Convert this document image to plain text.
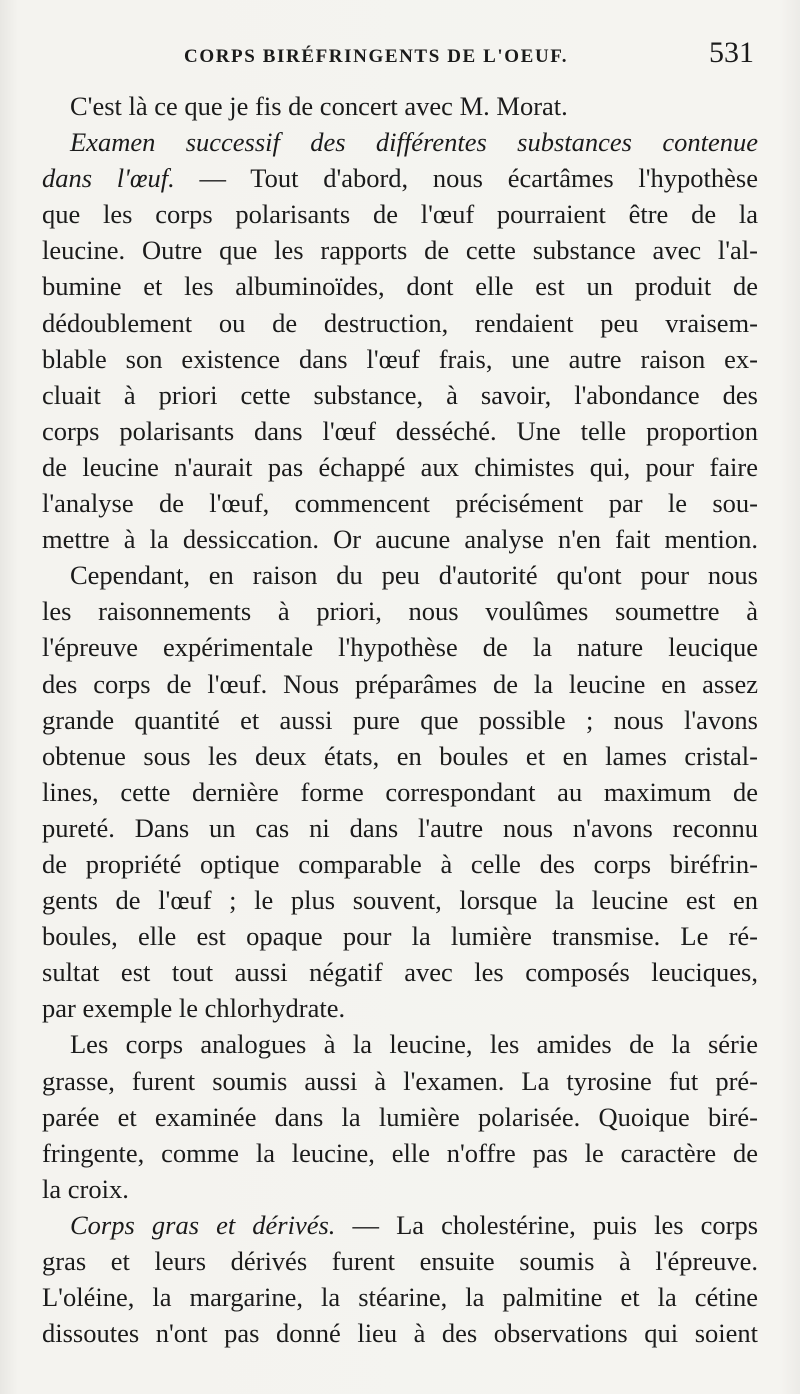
CORPS BIRÉFRINGENTS DE L'OEUF.	531
C'est là ce que je fis de concert avec M. Morat.
Examen successif des différentes substances contenue
dans l'œuf. — Tout d'abord, nous écartâmes l'hypothèse
que les corps polarisants de l'œuf pourraient être de la
leucine. Outre que les rapports de cette substance avec l'al-
bumine et les albuminoïdes, dont elle est un produit de
dédoublement ou de destruction, rendaient peu vraisem-
blable son existence dans l'œuf frais, une autre raison ex-
cluait à priori cette substance, à savoir, l'abondance des
corps polarisants dans l'œuf desséché. Une telle proportion
de leucine n'aurait pas échappé aux chimistes qui, pour faire
l'analyse de l'œuf, commencent précisément par le sou-
mettre à la dessiccation. Or aucune analyse n'en fait mention.
Cependant, en raison du peu d'autorité qu'ont pour nous
les raisonnements à priori, nous voulûmes soumettre à
l'épreuve expérimentale l'hypothèse de la nature leucique
des corps de l'œuf. Nous préparâmes de la leucine en assez
grande quantité et aussi pure que possible ; nous l'avons
obtenue sous les deux états, en boules et en lames cristal-
lines, cette dernière forme correspondant au maximum de
pureté. Dans un cas ni dans l'autre nous n'avons reconnu
de propriété optique comparable à celle des corps biréfrin-
gents de l'œuf ; le plus souvent, lorsque la leucine est en
boules, elle est opaque pour la lumière transmise. Le ré-
sultat est tout aussi négatif avec les composés leuciques,
par exemple le chlorhydrate.
Les corps analogues à la leucine, les amides de la série
grasse, furent soumis aussi à l'examen. La tyrosine fut pré-
parée et examinée dans la lumière polarisée. Quoique biré-
fringente, comme la leucine, elle n'offre pas le caractère de
la croix.
Corps gras et dérivés. — La cholestérine, puis les corps
gras et leurs dérivés furent ensuite soumis à l'épreuve.
L'oléine, la margarine, la stéarine, la palmitine et la cétine
dissoutes n'ont pas donné lieu à des observations qui soient
